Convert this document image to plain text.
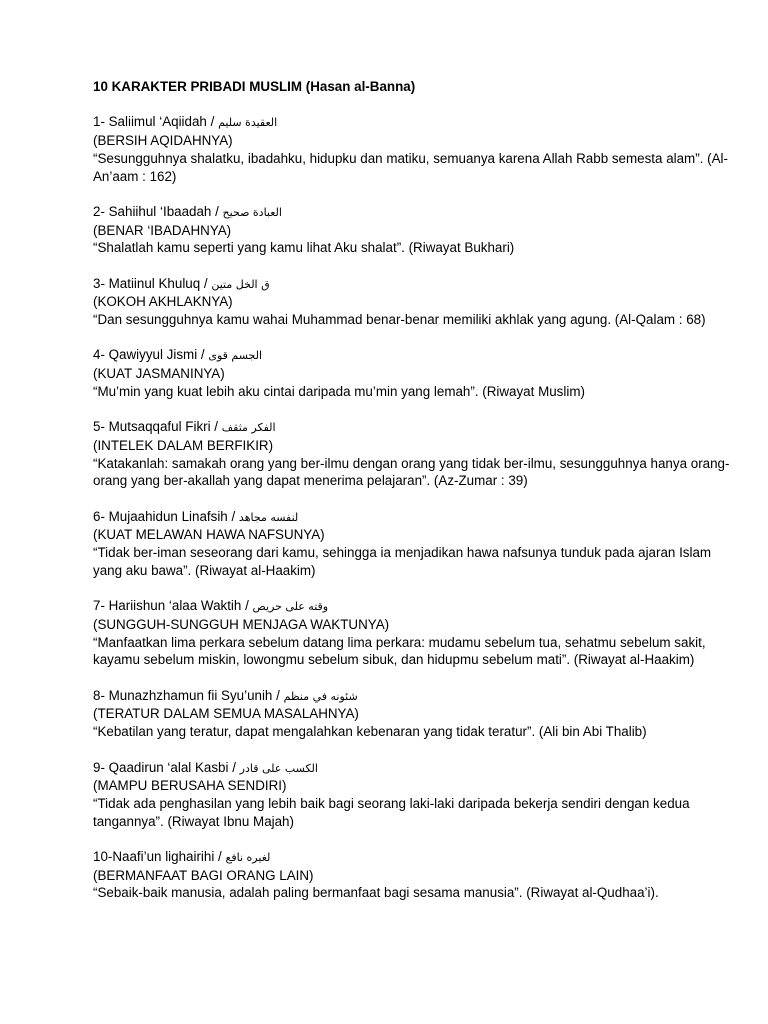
10 KARAKTER PRIBADI MUSLIM (Hasan al-Banna)

1- Saliimul ‘Aqiidah / العقيدة سليم

(BERSIH AQIDAHNYA)

“Sesungguhnya shalatku, ibadahku, hidupku dan matiku, semuanya karena Allah Rabb semesta alam”. (Al-An’aam : 162)

2- Sahiihul ‘Ibaadah / العبادة صحيح

(BENAR ‘IBADAHNYA)

“Shalatlah kamu seperti yang kamu lihat Aku shalat”. (Riwayat Bukhari)

3- Matiinul Khuluq / ق الخل متين

(KOKOH AKHLAKNYA)

“Dan sesungguhnya kamu wahai Muhammad benar-benar memiliki akhlak yang agung. (Al-Qalam : 68)

4- Qawiyyul Jismi / الجسم قوى

(KUAT JASMANINYA)

“Mu’min yang kuat lebih aku cintai daripada mu’min yang lemah”. (Riwayat Muslim)

5- Mutsaqqaful Fikri / الفكر مثقف

(INTELEK DALAM BERFIKIR)

“Katakanlah: samakah orang yang ber-ilmu dengan orang yang tidak ber-ilmu, sesungguhnya hanya orang-orang yang ber-akallah yang dapat menerima pelajaran”. (Az-Zumar : 39)

6- Mujaahidun Linafsih / لنفسه مجاهد

(KUAT MELAWAN HAWA NAFSUNYA)

“Tidak ber-iman seseorang dari kamu, sehingga ia menjadikan hawa nafsunya tunduk pada ajaran Islam yang aku bawa”. (Riwayat al-Haakim)

7- Hariishun ‘alaa Waktih / وقته على حريص

(SUNGGUH-SUNGGUH MENJAGA WAKTUNYA)

“Manfaatkan lima perkara sebelum datang lima perkara: mudamu sebelum tua, sehatmu sebelum sakit, kayamu sebelum miskin, lowongmu sebelum sibuk, dan hidupmu sebelum mati”. (Riwayat al-Haakim)

8- Munazhzhamun fii Syu’unih / شئونه في منظم

(TERATUR DALAM SEMUA MASALAHNYA)

“Kebatilan yang teratur, dapat mengalahkan kebenaran yang tidak teratur”. (Ali bin Abi Thalib)

9- Qaadirun ‘alal Kasbi / الكسب على قادر

(MAMPU BERUSAHA SENDIRI)

“Tidak ada penghasilan yang lebih baik bagi seorang laki-laki daripada bekerja sendiri dengan kedua tangannya”. (Riwayat Ibnu Majah)

10-Naafi’un lighairihi / لغيره نافع

(BERMANFAAT BAGI ORANG LAIN)

“Sebaik-baik manusia, adalah paling bermanfaat bagi sesama manusia”. (Riwayat al-Qudhaa’i).
